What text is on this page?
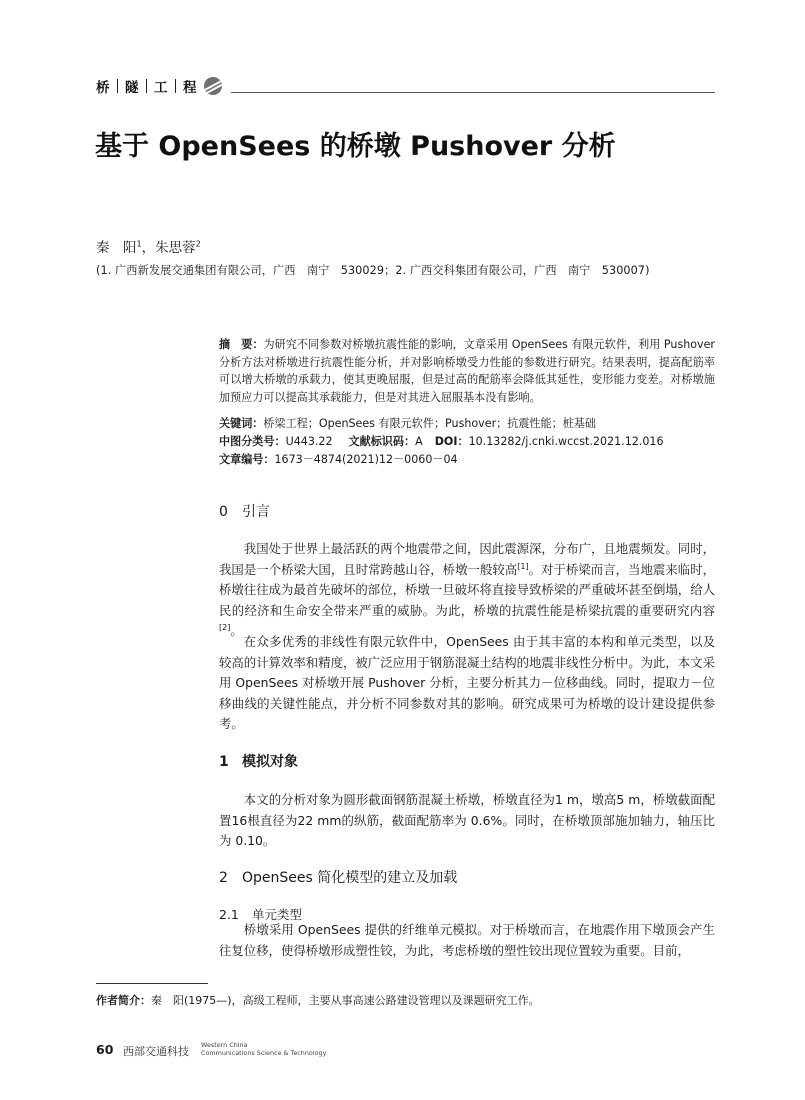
桥 隧 工 程
基于 OpenSees 的桥墩 Pushover 分析
秦　阳$^1$，朱思蓉$^2$
(1. 广西新发展交通集团有限公司，广西　南宁　530029；2. 广西交科集团有限公司，广西　南宁　530007)
摘　要：为研究不同参数对桥墩抗震性能的影响，文章采用 OpenSees 有限元软件，利用 Pushover 分析方法对桥墩进行抗震性能分析，并对影响桥墩受力性能的参数进行研究。结果表明，提高配筋率可以增大桥墩的承载力，使其更晚屈服，但是过高的配筋率会降低其延性，变形能力变差。对桥墩施加预应力可以提高其承载能力，但是对其进入屈服基本没有影响。
关键词：桥梁工程；OpenSees 有限元软件；Pushover；抗震性能；桩基础
中图分类号：U443.22 文献标识码：A DOI：10.13282/j.cnki.wccst.2021.12.016
文章编号：1673－4874(2021)12－0060－04
0 引言

我国处于世界上最活跃的两个地震带之间，因此震源深，分布广，且地震频发。同时，我国是一个桥梁大国，且时常跨越山谷，桥墩一般较高[1]。对于桥梁而言，当地震来临时，桥墩往往成为最首先破坏的部位，桥墩一旦破坏将直接导致桥梁的严重破坏甚至倒塌，给人民的经济和生命安全带来严重的威胁。为此，桥墩的抗震性能是桥梁抗震的重要研究内容[2]。

在众多优秀的非线性有限元软件中，OpenSees 由于其丰富的本构和单元类型，以及较高的计算效率和精度，被广泛应用于钢筋混凝土结构的地震非线性分析中。为此，本文采用 OpenSees 对桥墩开展 Pushover 分析，主要分析其力－位移曲线。同时，提取力－位移曲线的关键性能点，并分析不同参数对其的影响。研究成果可为桥墩的设计建设提供参考。

1 模拟对象

本文的分析对象为圆形截面钢筋混凝土桥墩，桥墩直径为1 m，墩高5 m，桥墩截面配置16根直径为22 mm的纵筋，截面配筋率为 0.6%。同时，在桥墩顶部施加轴力，轴压比为 0.10。

2 OpenSees 简化模型的建立及加载
2.1 单元类型

桥墩采用 OpenSees 提供的纤维单元模拟。对于桥墩而言，在地震作用下墩顶会产生往复位移，使得桥墩形成塑性铰，为此，考虑桥墩的塑性铰出现位置较为重要。目前，

作者简介：秦　阳(1975—)，高级工程师，主要从事高速公路建设管理以及课题研究工作。
60 西部交通科技 Western China
Communications Science & Technology
